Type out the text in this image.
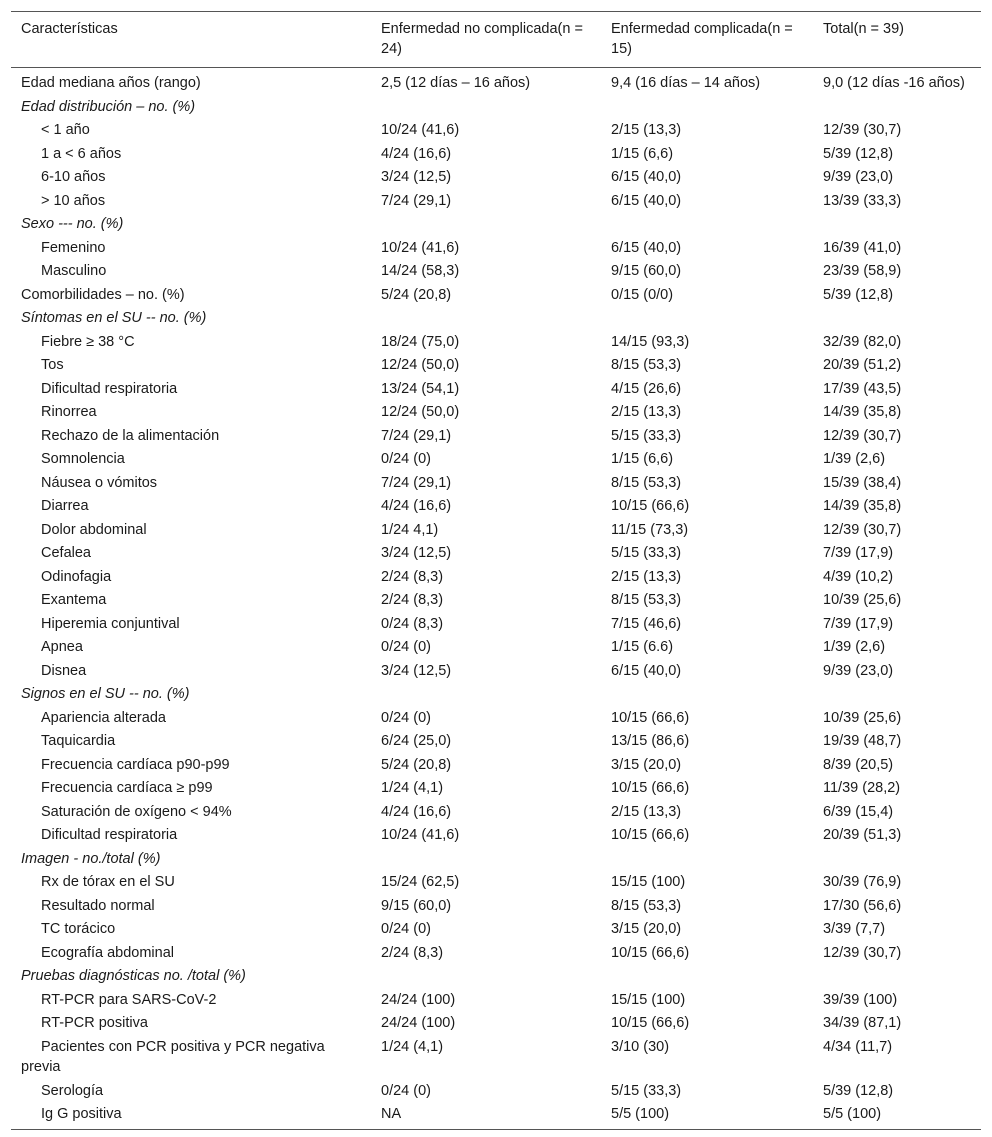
Características	Enfermedad no complicada(n = 24)	Enfermedad complicada(n = 15)	Total(n = 39)
Edad mediana años (rango)	2,5 (12 días – 16 años)	9,4 (16 días – 14 años)	9,0 (12 días -16 años)
Edad distribución – no. (%)			
< 1 año	10/24 (41,6)	2/15 (13,3)	12/39 (30,7)
1 a < 6 años	4/24 (16,6)	1/15 (6,6)	5/39 (12,8)
6-10 años	3/24 (12,5)	6/15 (40,0)	9/39 (23,0)
> 10 años	7/24 (29,1)	6/15 (40,0)	13/39 (33,3)
Sexo --- no. (%)			
Femenino	10/24 (41,6)	6/15 (40,0)	16/39 (41,0)
Masculino	14/24 (58,3)	9/15 (60,0)	23/39 (58,9)
Comorbilidades – no. (%)	5/24 (20,8)	0/15 (0/0)	5/39 (12,8)
Síntomas en el SU -- no. (%)			
Fiebre ≥ 38 °C	18/24 (75,0)	14/15 (93,3)	32/39 (82,0)
Tos	12/24 (50,0)	8/15 (53,3)	20/39 (51,2)
Dificultad respiratoria	13/24 (54,1)	4/15 (26,6)	17/39 (43,5)
Rinorrea	12/24 (50,0)	2/15 (13,3)	14/39 (35,8)
Rechazo de la alimentación	7/24 (29,1)	5/15 (33,3)	12/39 (30,7)
Somnolencia	0/24 (0)	1/15 (6,6)	1/39 (2,6)
Náusea o vómitos	7/24 (29,1)	8/15 (53,3)	15/39 (38,4)
Diarrea	4/24 (16,6)	10/15 (66,6)	14/39 (35,8)
Dolor abdominal	1/24 4,1)	11/15 (73,3)	12/39 (30,7)
Cefalea	3/24 (12,5)	5/15 (33,3)	7/39 (17,9)
Odinofagia	2/24 (8,3)	2/15 (13,3)	4/39 (10,2)
Exantema	2/24 (8,3)	8/15 (53,3)	10/39 (25,6)
Hiperemia conjuntival	0/24 (8,3)	7/15 (46,6)	7/39 (17,9)
Apnea	0/24 (0)	1/15 (6.6)	1/39 (2,6)
Disnea	3/24 (12,5)	6/15 (40,0)	9/39 (23,0)
Signos en el SU -- no. (%)			
Apariencia alterada	0/24 (0)	10/15 (66,6)	10/39 (25,6)
Taquicardia	6/24 (25,0)	13/15 (86,6)	19/39 (48,7)
Frecuencia cardíaca p90-p99	5/24 (20,8)	3/15 (20,0)	8/39 (20,5)
Frecuencia cardíaca ≥ p99	1/24 (4,1)	10/15 (66,6)	11/39 (28,2)
Saturación de oxígeno < 94%	4/24 (16,6)	2/15 (13,3)	6/39 (15,4)
Dificultad respiratoria	10/24 (41,6)	10/15 (66,6)	20/39 (51,3)
Imagen - no./total (%)			
Rx de tórax en el SU	15/24 (62,5)	15/15 (100)	30/39 (76,9)
Resultado normal	9/15 (60,0)	8/15 (53,3)	17/30 (56,6)
TC torácico	0/24 (0)	3/15 (20,0)	3/39 (7,7)
Ecografía abdominal	2/24 (8,3)	10/15 (66,6)	12/39 (30,7)
Pruebas diagnósticas no. /total (%)			
RT-PCR para SARS-CoV-2	24/24 (100)	15/15 (100)	39/39 (100)
RT-PCR positiva	24/24 (100)	10/15 (66,6)	34/39 (87,1)
Pacientes con PCR positiva y PCR negativa previa	1/24 (4,1)	3/10 (30)	4/34 (11,7)
Serología	0/24 (0)	5/15 (33,3)	5/39 (12,8)
Ig G positiva	NA	5/5 (100)	5/5 (100)
